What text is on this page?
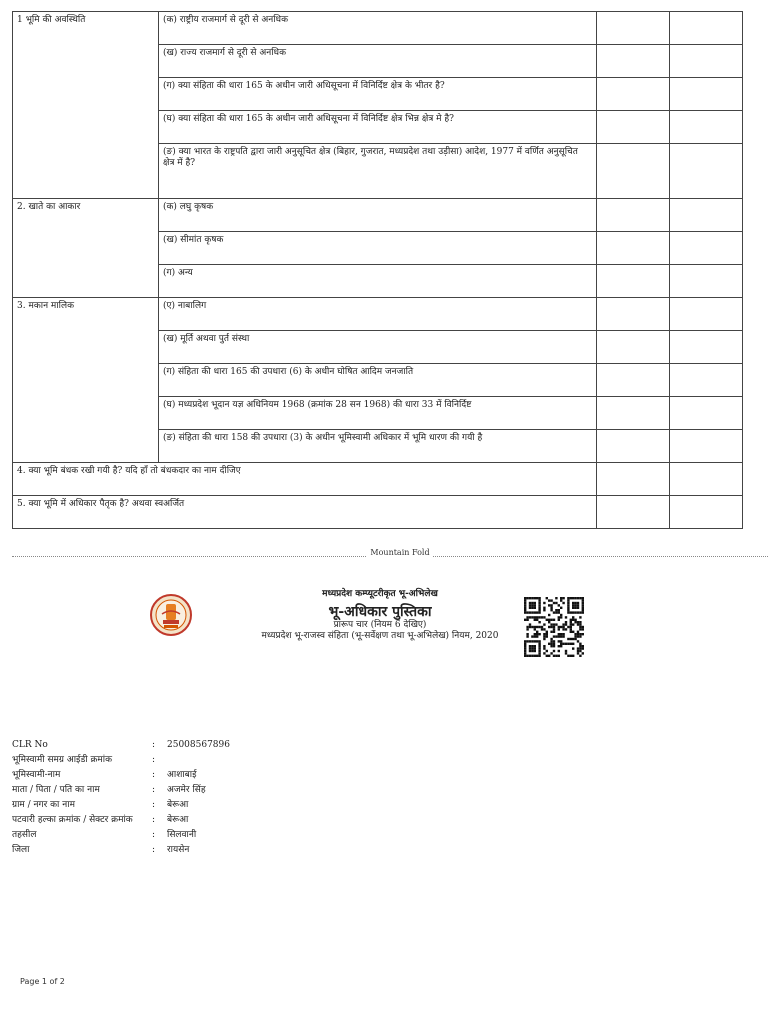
1 भूमि की अवस्थिति	(क) राष्ट्रीय राजमार्ग से दूरी से अनधिक		
	(ख) राज्य राजमार्ग से दूरी से अनधिक		
	(ग) क्या संहिता की धारा 165 के अधीन जारी अधिसूचना में विनिर्दिष्ट क्षेत्र के भीतर है?		
	(घ) क्या संहिता की धारा 165 के अधीन जारी अधिसूचना में विनिर्दिष्ट क्षेत्र भिन्न क्षेत्र मे है?		
	(ङ) क्या भारत के राष्ट्रपति द्वारा जारी अनुसूचित क्षेत्र (बिहार, गुजरात, मध्यप्रदेश तथा उड़ीसा) आदेश, 1977 में वर्णित अनुसूचित क्षेत्र में है?		
2. खाते का आकार	(क) लघु कृषक		
	(ख) सीमांत कृषक		
	(ग) अन्य		
3. मकान मालिक	(ए) नाबालिग		
	(ख) मूर्ति अथवा पुर्त संस्था		
	(ग) संहिता की धारा 165 की उपधारा (6) के अधीन घोषित आदिम जनजाति		
	(घ) मध्यप्रदेश भूदान यज्ञ अधिनियम 1968 (क्रमांक 28 सन 1968) की धारा 33 में विनिर्दिष्ट		
	(ङ) संहिता की धारा 158 की उपधारा (3) के अधीन भूमिस्वामी अधिकार में भूमि धारण की गयी है		
4. क्या भूमि बंधक रखी गयी है? यदि हॉं तो बंधकदार का नाम दीजिए			
5. क्या भूमि में अधिकार पैतृक है? अथवा स्वअर्जित			
Mountain Fold
मध्यप्रदेश कम्प्यूटरीकृत भू-अभिलेख
भू-अधिकार पुस्तिका
प्रारूप चार (नियम 6 देखिए)
मध्यप्रदेश भू-राजस्व संहिता (भू-सर्वेक्षण तथा भू-अभिलेख) नियम, 2020
CLR No	:	25008567896
भूमिस्वामी समग्र आईडी क्रमांक	:
भूमिस्वामी-नाम	:	आशाबाई
माता / पिता / पति का नाम	:	अजमेर सिंह
ग्राम / नगर का नाम	:	बेरूआ
पटवारी हल्का क्रमांक / सेक्टर क्रमांक	:	बेरूआ
तहसील	:	सिलवानी
जिला	:	रायसेन
Page 1 of 2
